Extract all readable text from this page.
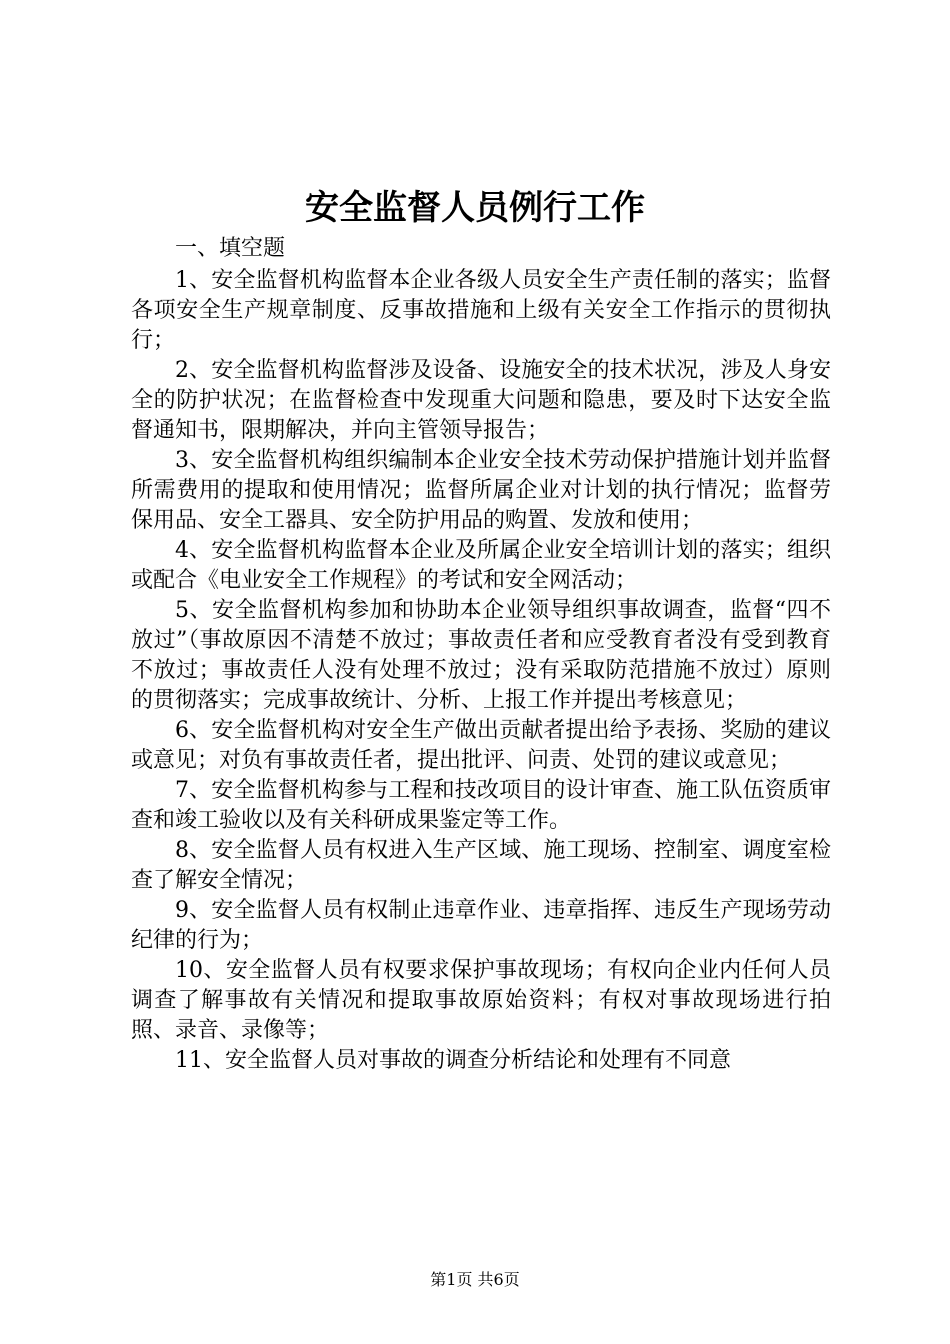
安全监督人员例行工作
一、填空题

1、安全监督机构监督本企业各级人员安全生产责任制的落实；监督各项安全生产规章制度、反事故措施和上级有关安全工作指示的贯彻执行；

2、安全监督机构监督涉及设备、设施安全的技术状况，涉及人身安全的防护状况；在监督检查中发现重大问题和隐患，要及时下达安全监督通知书，限期解决，并向主管领导报告；

3、安全监督机构组织编制本企业安全技术劳动保护措施计划并监督所需费用的提取和使用情况；监督所属企业对计划的执行情况；监督劳保用品、安全工器具、安全防护用品的购置、发放和使用；

4、安全监督机构监督本企业及所属企业安全培训计划的落实；组织或配合《电业安全工作规程》的考试和安全网活动；

5、安全监督机构参加和协助本企业领导组织事故调查，监督“四不放过”（事故原因不清楚不放过；事故责任者和应受教育者没有受到教育不放过；事故责任人没有处理不放过；没有采取防范措施不放过）原则的贯彻落实；完成事故统计、分析、上报工作并提出考核意见；

6、安全监督机构对安全生产做出贡献者提出给予表扬、奖励的建议或意见；对负有事故责任者，提出批评、问责、处罚的建议或意见；

7、安全监督机构参与工程和技改项目的设计审查、施工队伍资质审查和竣工验收以及有关科研成果鉴定等工作。

8、安全监督人员有权进入生产区域、施工现场、控制室、调度室检查了解安全情况；

9、安全监督人员有权制止违章作业、违章指挥、违反生产现场劳动纪律的行为；

10、安全监督人员有权要求保护事故现场；有权向企业内任何人员调查了解事故有关情况和提取事故原始资料；有权对事故现场进行拍照、录音、录像等；

11、安全监督人员对事故的调查分析结论和处理有不同意

第1页 共6页
